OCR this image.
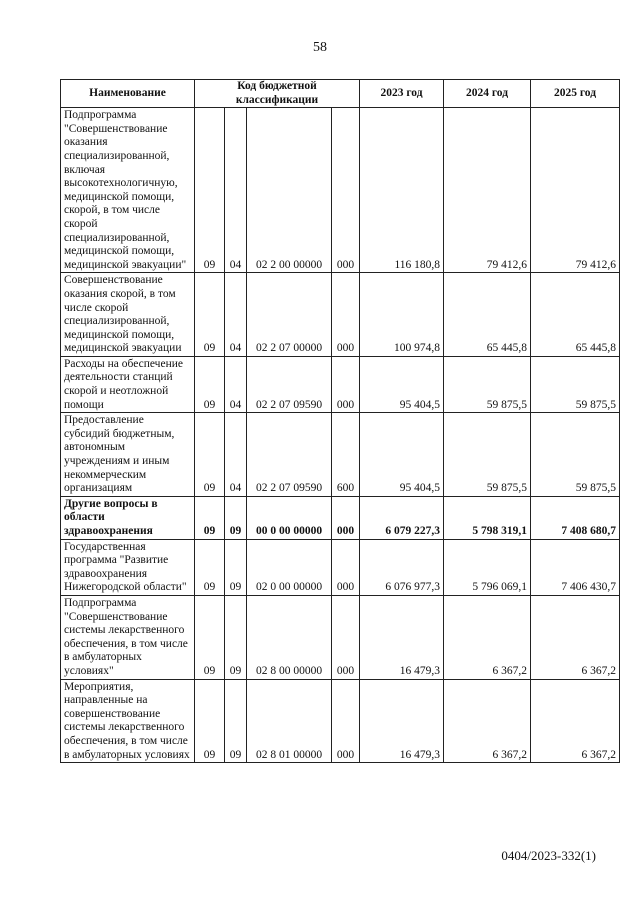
58
Наименование	Код бюджетной классификации				2023 год	2024 год	2025 год
Подпрограмма "Совершенствование оказания специализированной, включая высокотехнологичную, медицинской помощи, скорой, в том числе скорой специализированной, медицинской помощи, медицинской эвакуации"	09	04	02 2 00 00000	000	116 180,8	79 412,6	79 412,6
Совершенствование оказания скорой, в том числе скорой специализированной, медицинской помощи, медицинской эвакуации	09	04	02 2 07 00000	000	100 974,8	65 445,8	65 445,8
Расходы на обеспечение деятельности станций скорой и неотложной помощи	09	04	02 2 07 09590	000	95 404,5	59 875,5	59 875,5
Предоставление субсидий бюджетным, автономным учреждениям и иным некоммерческим организациям	09	04	02 2 07 09590	600	95 404,5	59 875,5	59 875,5
Другие вопросы в области здравоохранения	09	09	00 0 00 00000	000	6 079 227,3	5 798 319,1	7 408 680,7
Государственная программа "Развитие здравоохранения Нижегородской области"	09	09	02 0 00 00000	000	6 076 977,3	5 796 069,1	7 406 430,7
Подпрограмма "Совершенствование системы лекарственного обеспечения, в том числе в амбулаторных условиях"	09	09	02 8 00 00000	000	16 479,3	6 367,2	6 367,2
Мероприятия, направленные на совершенствование системы лекарственного обеспечения, в том числе в амбулаторных условиях	09	09	02 8 01 00000	000	16 479,3	6 367,2	6 367,2
0404/2023-332(1)
